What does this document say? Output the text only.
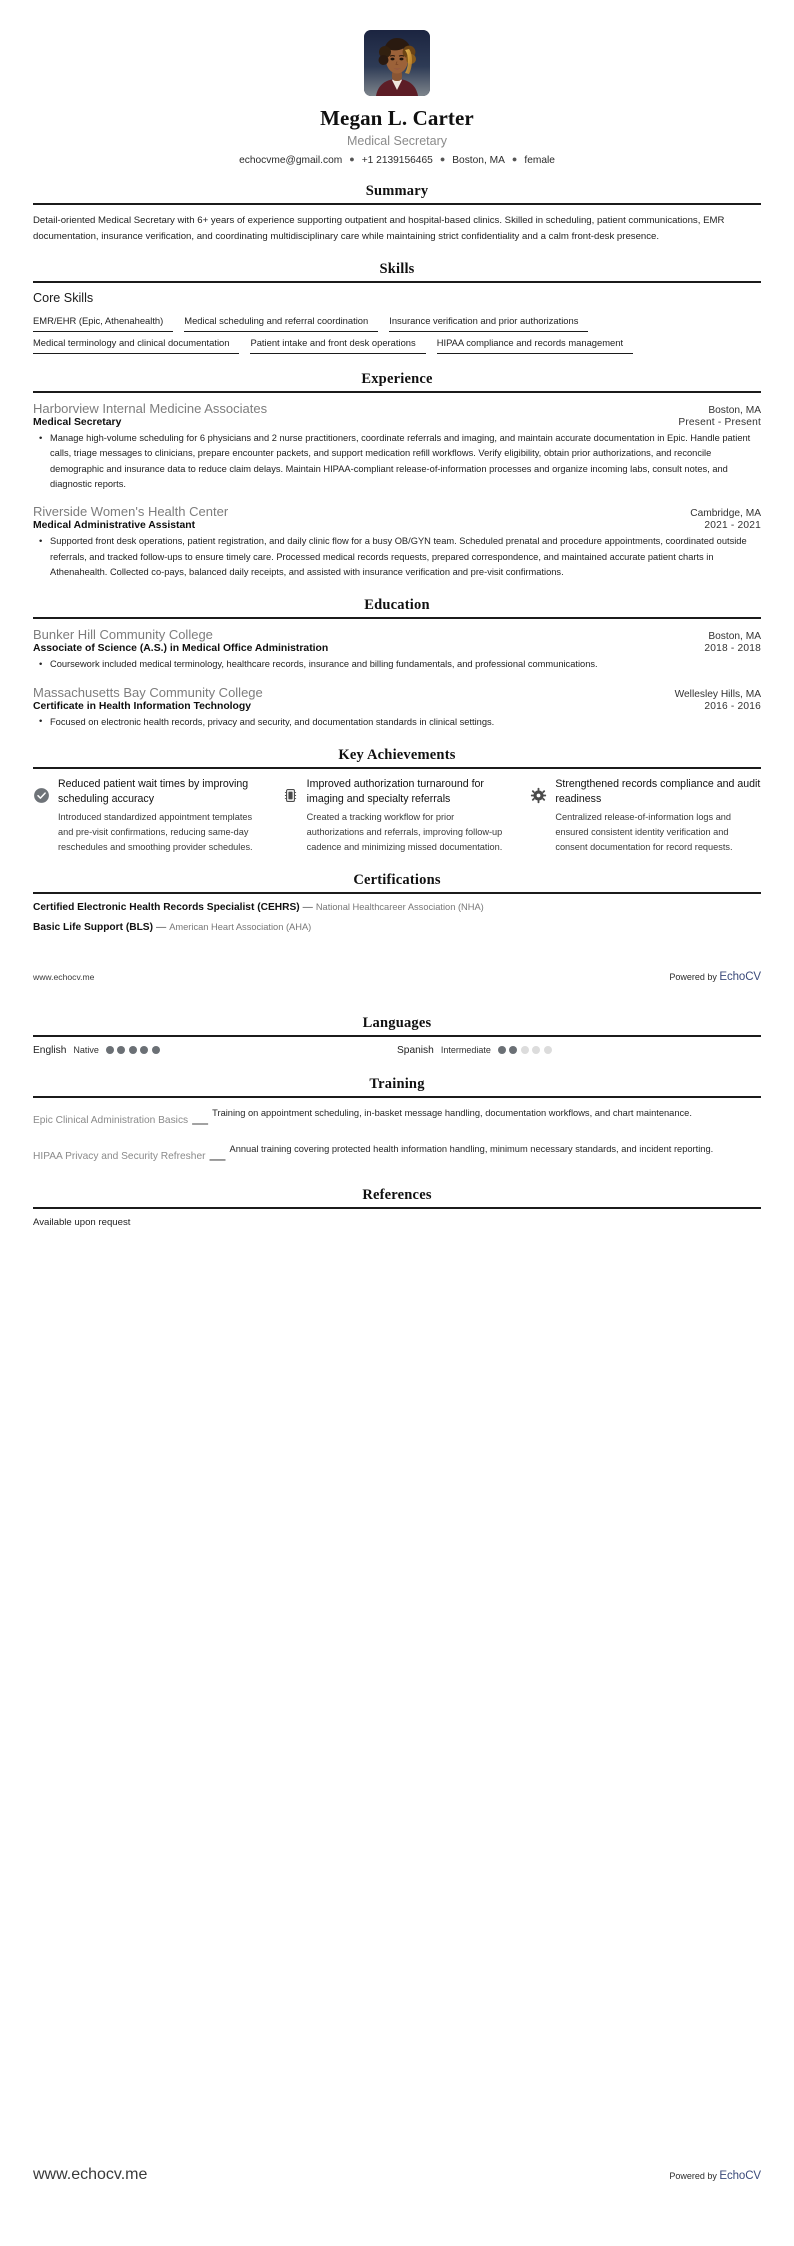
Megan L. Carter
Medical Secretary
echocvme@gmail.com ● +1 2139156465 ● Boston, MA ● female
Summary
Detail-oriented Medical Secretary with 6+ years of experience supporting outpatient and hospital-based clinics. Skilled in scheduling, patient communications, EMR documentation, insurance verification, and coordinating multidisciplinary care while maintaining strict confidentiality and a calm front-desk presence.
Skills
Core Skills
EMR/EHR (Epic, Athenahealth)	Medical scheduling and referral coordination	Insurance verification and prior authorizations
Medical terminology and clinical documentation	Patient intake and front desk operations	HIPAA compliance and records management
Experience
Harborview Internal Medicine Associates	Boston, MA
Medical Secretary	Present - Present
• Manage high-volume scheduling for 6 physicians and 2 nurse practitioners, coordinate referrals and imaging, and maintain accurate documentation in Epic. Handle patient calls, triage messages to clinicians, prepare encounter packets, and support medication refill workflows. Verify eligibility, obtain prior authorizations, and reconcile demographic and insurance data to reduce claim delays. Maintain HIPAA-compliant release-of-information processes and organize incoming labs, consult notes, and diagnostic reports.
Riverside Women's Health Center	Cambridge, MA
Medical Administrative Assistant	2021 - 2021
• Supported front desk operations, patient registration, and daily clinic flow for a busy OB/GYN team. Scheduled prenatal and procedure appointments, coordinated outside referrals, and tracked follow-ups to ensure timely care. Processed medical records requests, prepared correspondence, and maintained accurate patient charts in Athenahealth. Collected co-pays, balanced daily receipts, and assisted with insurance verification and pre-visit confirmations.
Education
Bunker Hill Community College	Boston, MA
Associate of Science (A.S.) in Medical Office Administration	2018 - 2018
• Coursework included medical terminology, healthcare records, insurance and billing fundamentals, and professional communications.
Massachusetts Bay Community College	Wellesley Hills, MA
Certificate in Health Information Technology	2016 - 2016
• Focused on electronic health records, privacy and security, and documentation standards in clinical settings.
Key Achievements
Reduced patient wait times by improving scheduling accuracy
Introduced standardized appointment templates and pre-visit confirmations, reducing same-day reschedules and smoothing provider schedules.
Improved authorization turnaround for imaging and specialty referrals
Created a tracking workflow for prior authorizations and referrals, improving follow-up cadence and minimizing missed documentation.
Strengthened records compliance and audit readiness
Centralized release-of-information logs and ensured consistent identity verification and consent documentation for record requests.
Certifications
Certified Electronic Health Records Specialist (CEHRS) — National Healthcareer Association (NHA)
Basic Life Support (BLS) — American Heart Association (AHA)
www.echocv.me	Powered by EchoCV
Languages
English Native	Spanish Intermediate
Training
Epic Clinical Administration Basics —
Training on appointment scheduling, in-basket message handling, documentation workflows, and chart maintenance.
HIPAA Privacy and Security Refresher —
Annual training covering protected health information handling, minimum necessary standards, and incident reporting.
References
Available upon request
www.echocv.me	Powered by EchoCV
